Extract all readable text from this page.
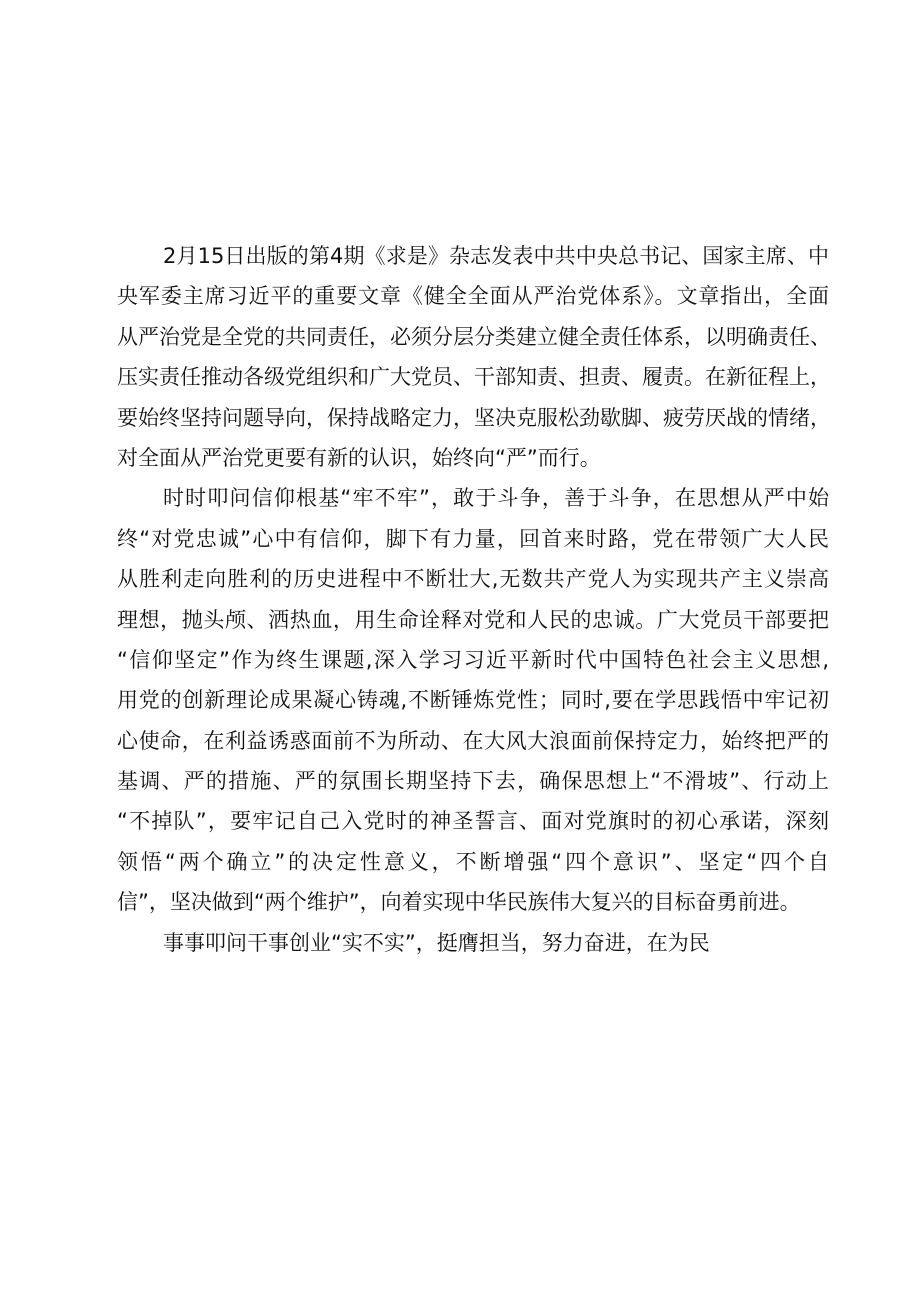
2月15日出版的第4期《求是》杂志发表中共中央总书记、国家主席、中
央军委主席习近平的重要文章《健全全面从严治党体系》。文章指出，全面
从严治党是全党的共同责任，必须分层分类建立健全责任体系，以明确责任、
压实责任推动各级党组织和广大党员、干部知责、担责、履责。在新征程上，
要始终坚持问题导向，保持战略定力，坚决克服松劲歇脚、疲劳厌战的情绪，
对全面从严治党更要有新的认识，始终向“严”而行。
时时叩问信仰根基“牢不牢”，敢于斗争，善于斗争，在思想从严中始
终“对党忠诚”心中有信仰，脚下有力量，回首来时路，党在带领广大人民
从胜利走向胜利的历史进程中不断壮大,无数共产党人为实现共产主义崇高
理想，抛头颅、洒热血，用生命诠释对党和人民的忠诚。广大党员干部要把
“信仰坚定”作为终生课题,深入学习习近平新时代中国特色社会主义思想,
用党的创新理论成果凝心铸魂,不断锤炼党性；同时,要在学思践悟中牢记初
心使命，在利益诱惑面前不为所动、在大风大浪面前保持定力，始终把严的
基调、严的措施、严的氛围长期坚持下去，确保思想上“不滑坡”、行动上
“不掉队”，要牢记自己入党时的神圣誓言、面对党旗时的初心承诺，深刻
领悟“两个确立”的决定性意义，不断增强“四个意识”、坚定“四个自
信”，坚决做到“两个维护”，向着实现中华民族伟大复兴的目标奋勇前进。
事事叩问干事创业“实不实”，挺膺担当，努力奋进，在为民
